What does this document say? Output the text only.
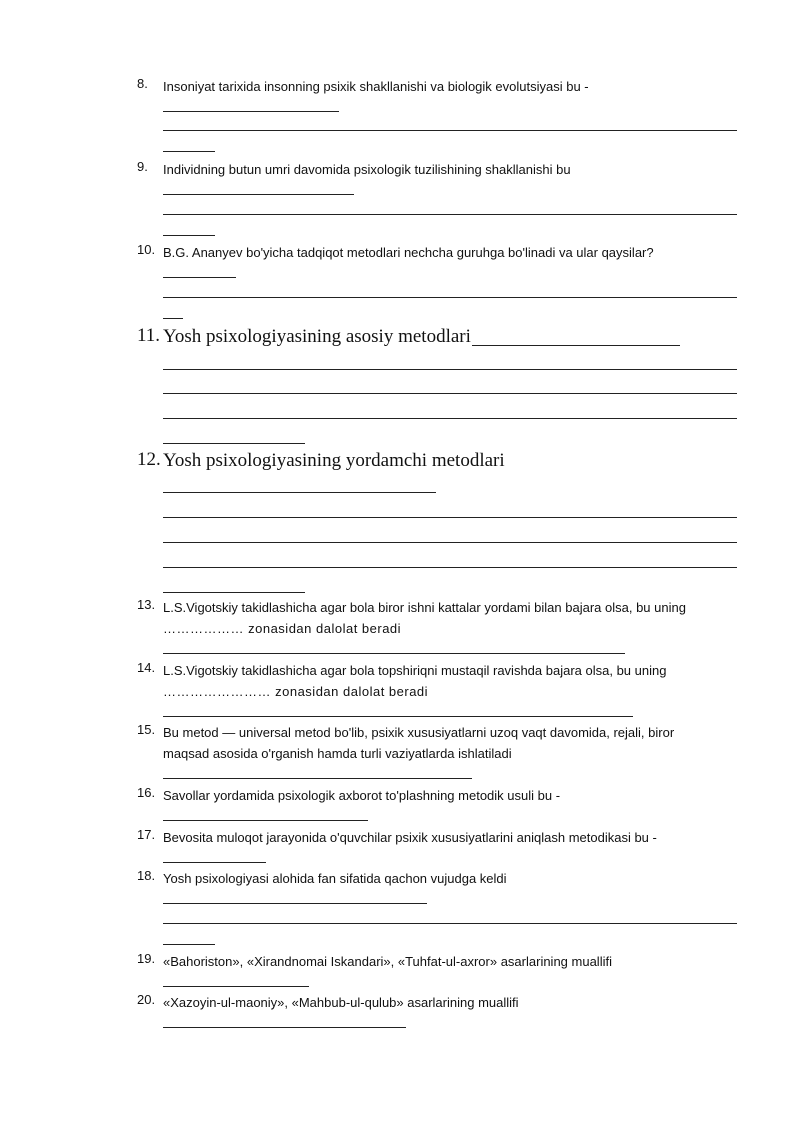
8. Insoniyat tarixida insonning psixik shakllanishi va biologik evolutsiyasi bu -
9. Individning butun umri davomida psixologik tuzilishining shakllanishi bu
10. B.G. Ananyev bo'yicha tadqiqot metodlari nechcha guruhga bo'linadi va ular qaysilar?
11. Yosh psixologiyasining asosiy metodlari
12. Yosh psixologiyasining yordamchi metodlari
13. L.S.Vigotskiy takidlashicha agar bola biror ishni kattalar yordami bilan bajara olsa, bu uning
……………… zonasidan dalolat beradi
14. L.S.Vigotskiy takidlashicha agar bola topshiriqni mustaqil ravishda bajara olsa, bu uning
…………………… zonasidan dalolat beradi
15. Bu metod — universal metod bo'lib, psixik xususiyatlarni uzoq vaqt davomida, rejali, biror
maqsad asosida o'rganish hamda turli vaziyatlarda ishlatiladi
16. Savollar yordamida psixologik axborot to'plashning metodik usuli bu -
17. Bevosita muloqot jarayonida o'quvchilar psixik xususiyatlarini aniqlash metodikasi bu -
18. Yosh psixologiyasi alohida fan sifatida qachon vujudga keldi
19. «Bahoriston», «Xirandnomai Iskandari», «Tuhfat-ul-axror» asarlarining muallifi
20. «Xazoyin-ul-maoniy», «Mahbub-ul-qulub» asarlarining muallifi
